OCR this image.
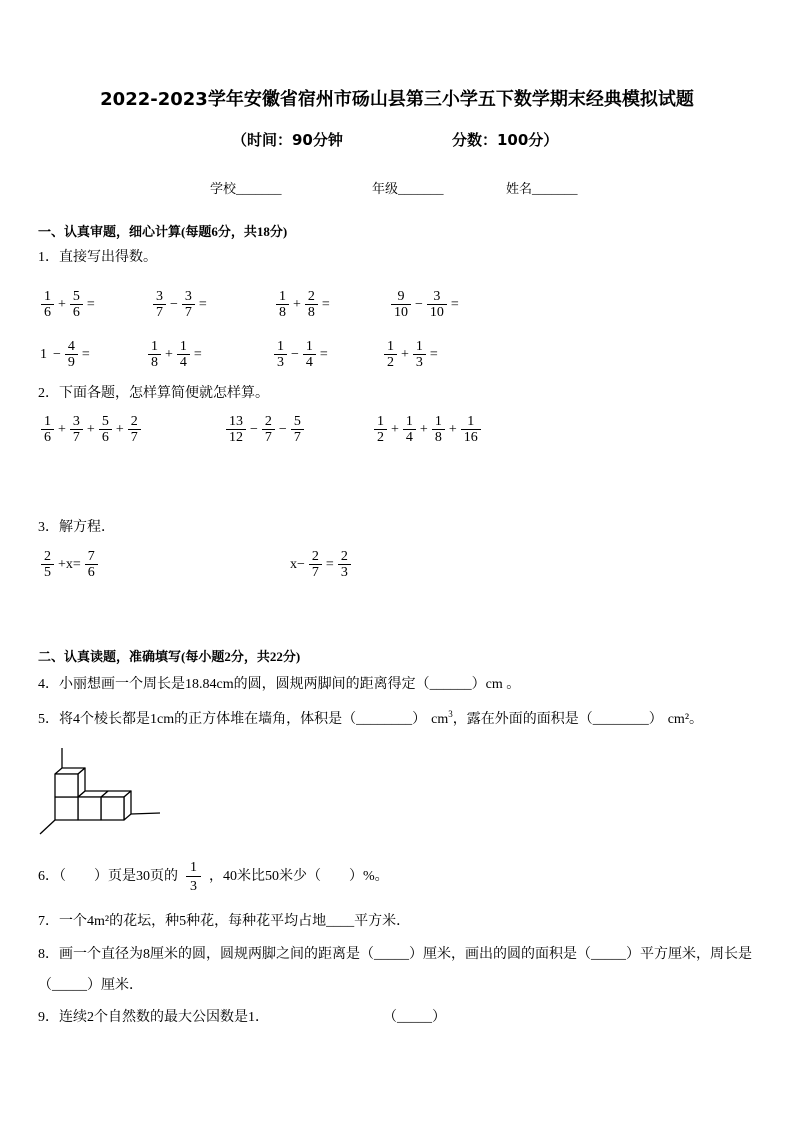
2022-2023学年安徽省宿州市砀山县第三小学五下数学期末经典模拟试题
（时间：90分钟	分数：100分）
学校_______	年级_______	姓名_______
一、认真审题，细心计算(每题6分，共18分)
1．直接写出得数。
$\frac{1}{6} + \frac{5}{6}$ =	$\frac{3}{7} - \frac{3}{7}$ =	$\frac{1}{8} + \frac{2}{8}$ =	$\frac{9}{10} - \frac{3}{10}$ =
$1 - \frac{4}{9}$ =	$\frac{1}{8} + \frac{1}{4}$ =	$\frac{1}{3} - \frac{1}{4}$ =	$\frac{1}{2} + \frac{1}{3}$ =
2．下面各题，怎样算简便就怎样算。
$\frac{1}{6} + \frac{3}{7} + \frac{5}{6} + \frac{2}{7}$	$\frac{13}{12} - \frac{2}{7} - \frac{5}{7}$	$\frac{1}{2} + \frac{1}{4} + \frac{1}{8} + \frac{1}{16}$
3．解方程．
$\frac{2}{5} +x= \frac{7}{6}$	$x- \frac{2}{7} = \frac{2}{3}$
二、认真读题，准确填写(每小题2分，共22分)
4．小丽想画一个周长是18.84cm的圆，圆规两脚间的距离得定（______）cm 。
5．将4个棱长都是1cm的正方体堆在墙角，体积是（________） $cm^3$，露在外面的面积是（________） cm²。
6．（　　）页是30页的 $\frac{1}{3}$ ，40米比50米少（　　）%。
7．一个4m²的花坛，种5种花，每种花平均占地____平方米．
8．画一个直径为8厘米的圆，圆规两脚之间的距离是（_____）厘米，画出的圆的面积是（_____）平方厘米，周长是
（_____）厘米．
9．连续2个自然数的最大公因数是1．	（_____）
